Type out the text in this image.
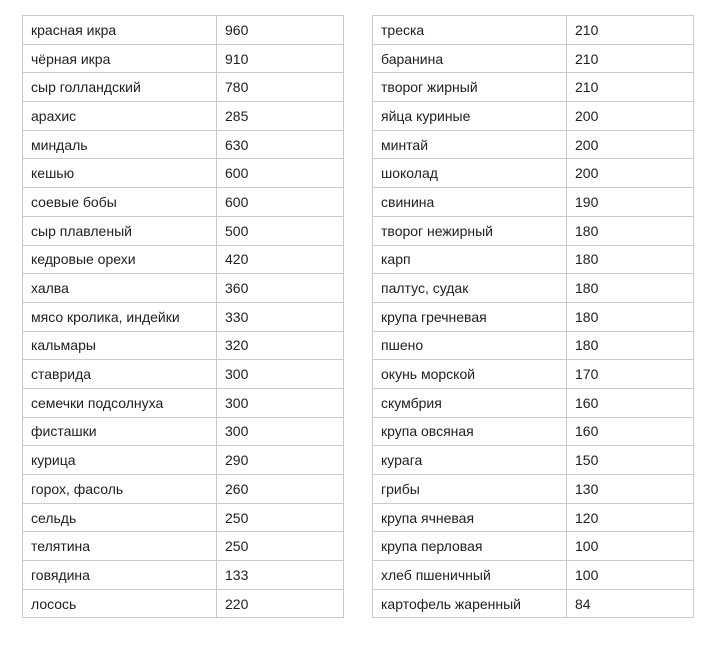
красная икра	960
чёрная икра	910
сыр голландский	780
арахис	285
миндаль	630
кешью	600
соевые бобы	600
сыр плавленый	500
кедровые орехи	420
халва	360
мясо кролика, индейки	330
кальмары	320
ставрида	300
семечки подсолнуха	300
фисташки	300
курица	290
горох, фасоль	260
сельдь	250
телятина	250
говядина	133
лосось	220
треска	210
баранина	210
творог жирный	210
яйца куриные	200
минтай	200
шоколад	200
свинина	190
творог нежирный	180
карп	180
палтус, судак	180
крупа гречневая	180
пшено	180
окунь морской	170
скумбрия	160
крупа овсяная	160
курага	150
грибы	130
крупа ячневая	120
крупа перловая	100
хлеб пшеничный	100
картофель жаренный	84
